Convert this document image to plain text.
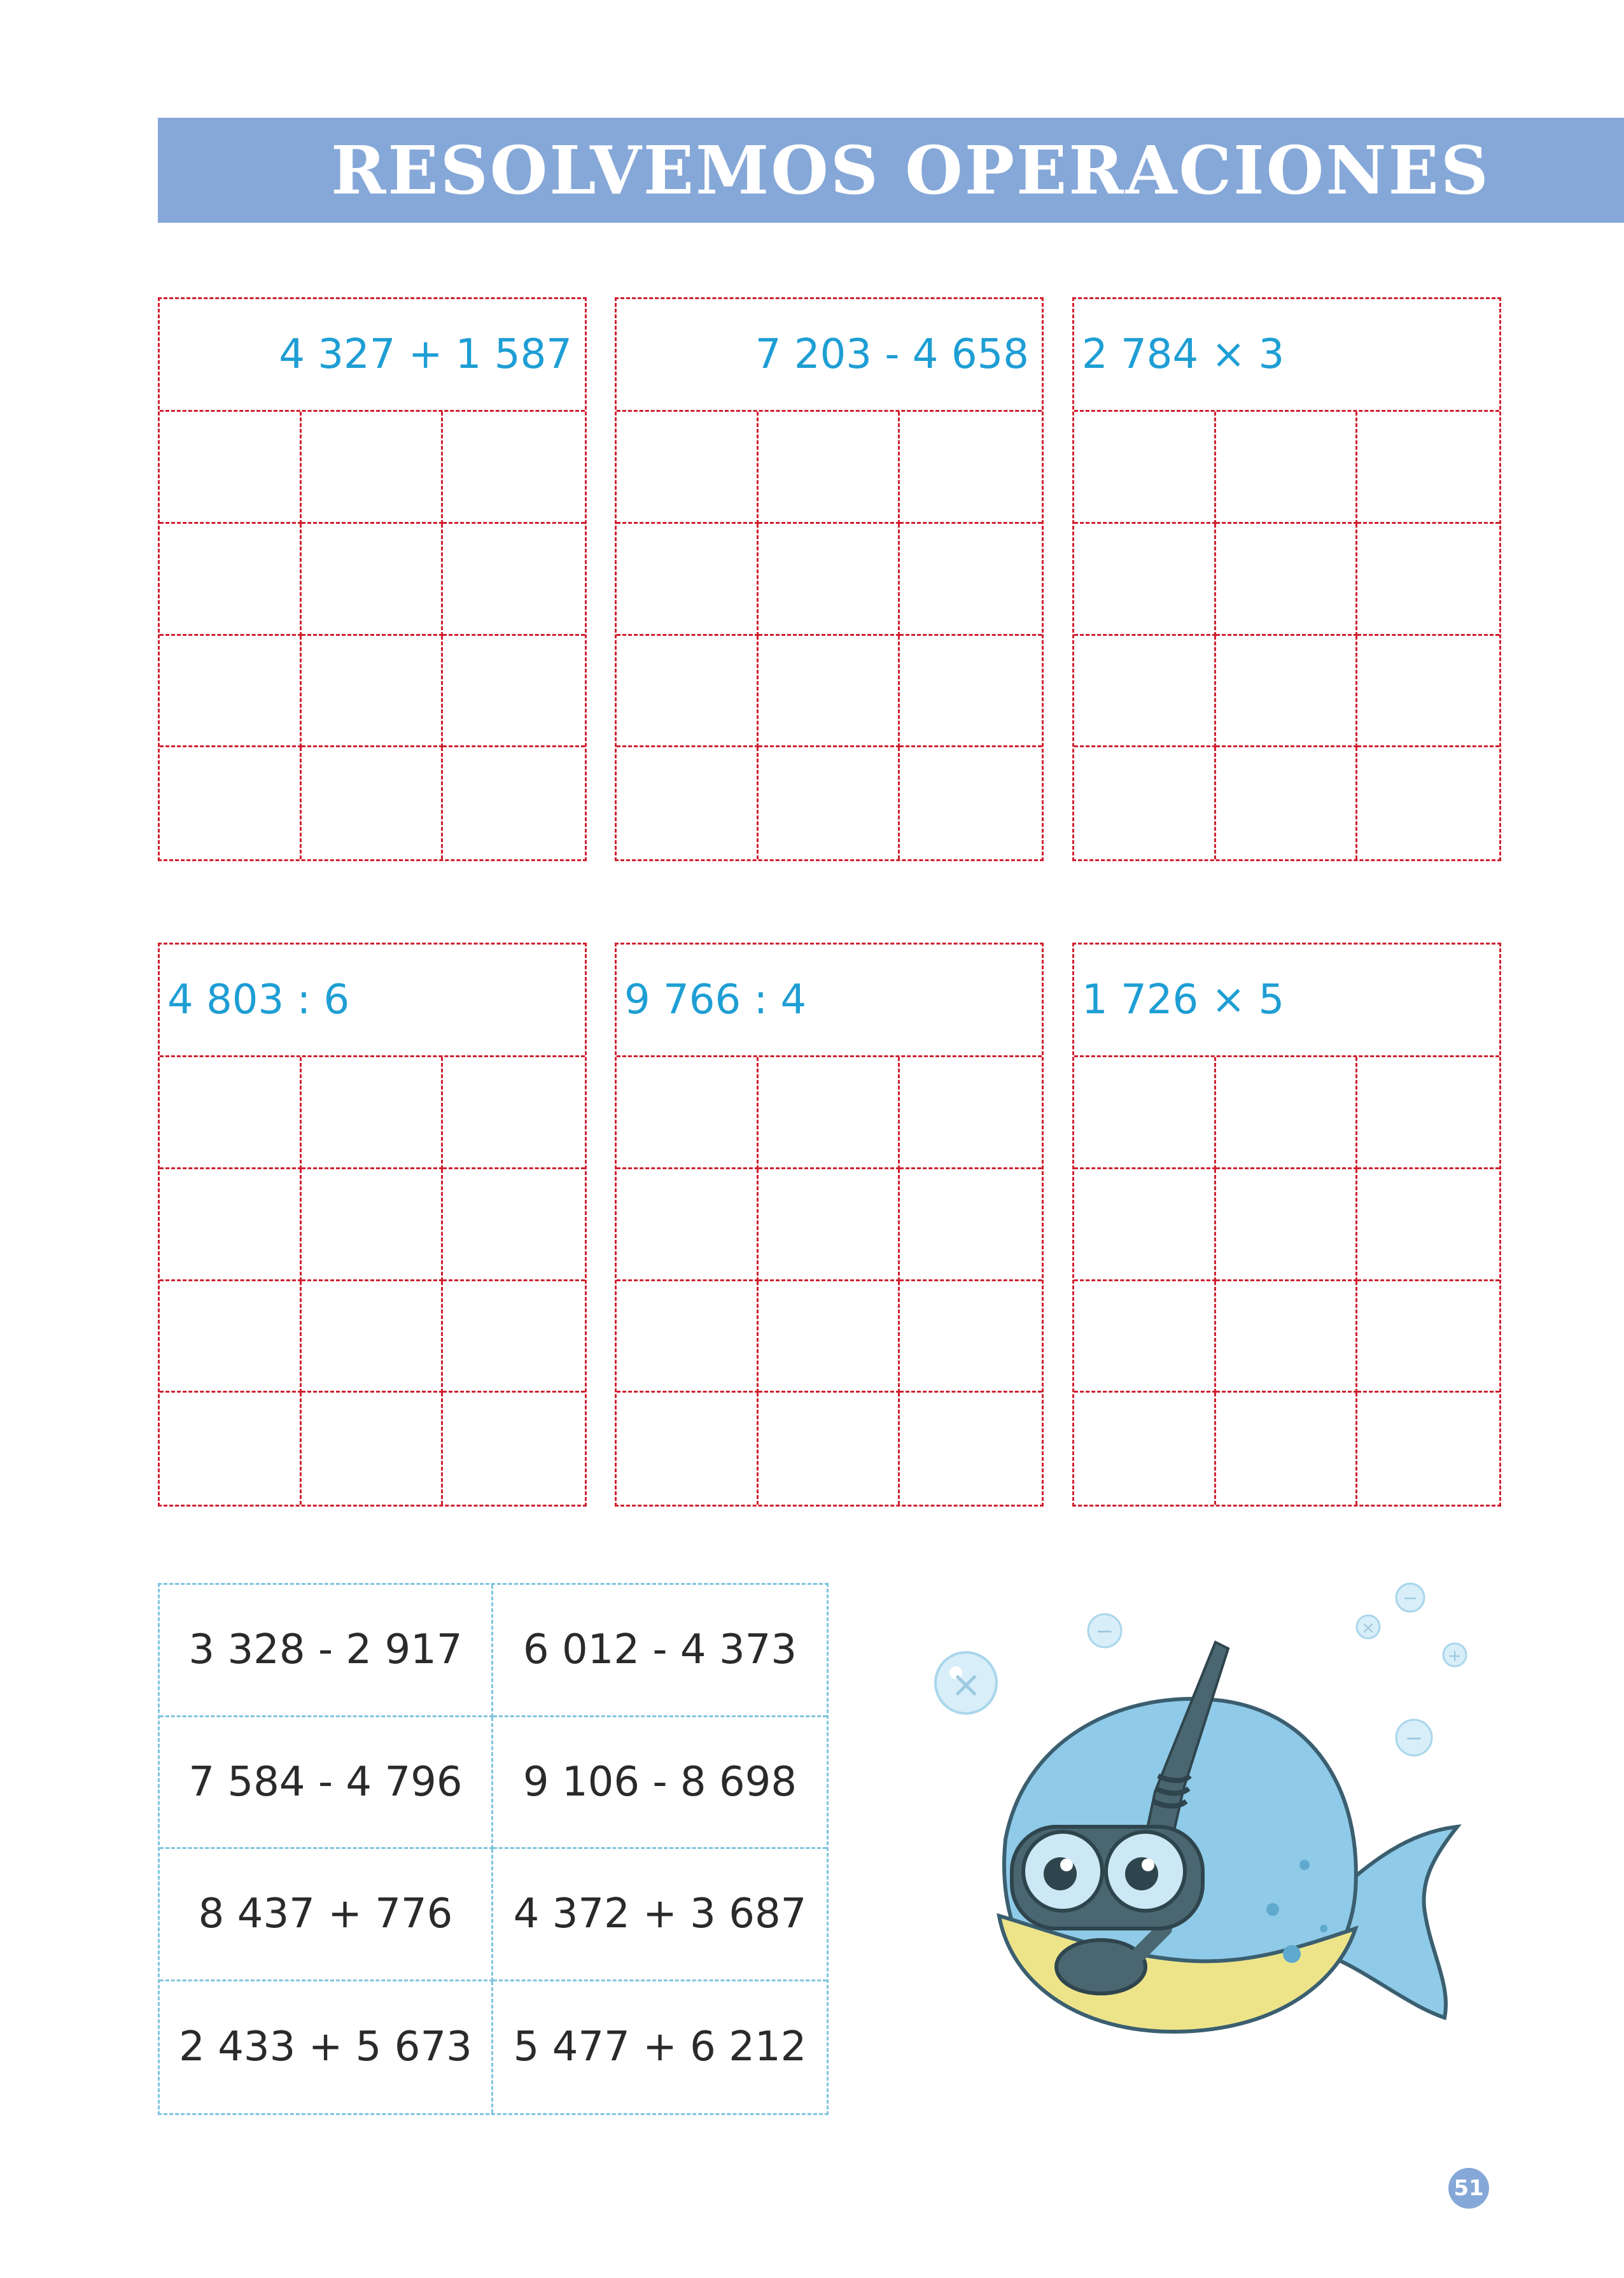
RESOLVEMOS OPERACIONES
4 327 + 1 587	7 203 - 4 658 2 784 × 3
4 803 : 6	9 766 : 4	1 726 × 5
3 328 - 2 917	6 012 - 4 373
7 584 - 4 796	9 106 - 8 698
8 437 + 776	4 372 + 3 687
2 433 + 5 673	5 477 + 6 212
×
−	×
−
+
−
51
